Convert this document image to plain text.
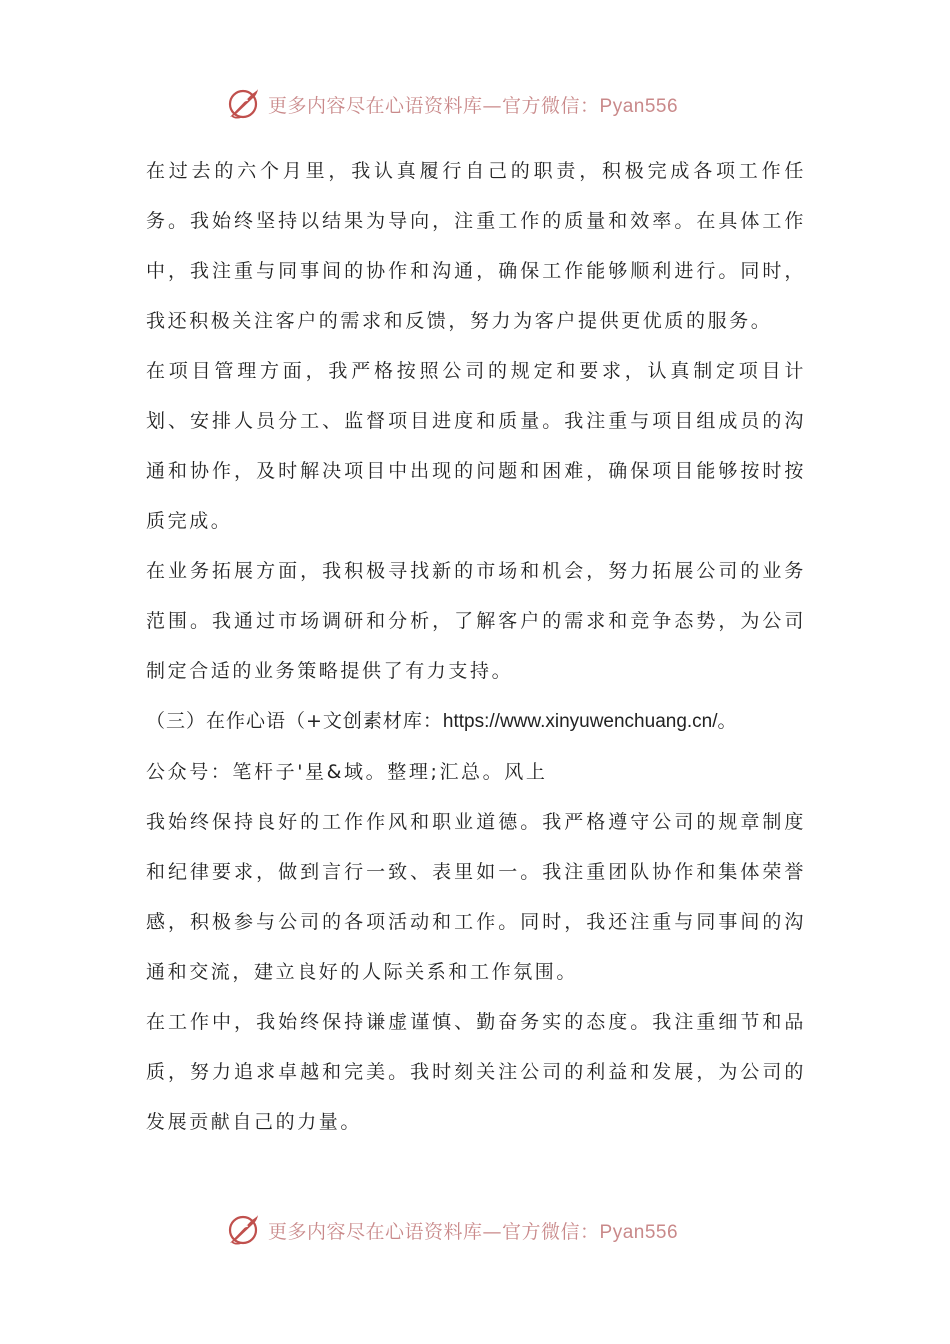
更多内容尽在心语资料库—官方微信：Pyan556

在过去的六个月里，我认真履行自己的职责，积极完成各项工作任务。我始终坚持以结果为导向，注重工作的质量和效率。在具体工作中，我注重与同事间的协作和沟通，确保工作能够顺利进行。同时，我还积极关注客户的需求和反馈，努力为客户提供更优质的服务。

在项目管理方面，我严格按照公司的规定和要求，认真制定项目计划、安排人员分工、监督项目进度和质量。我注重与项目组成员的沟通和协作，及时解决项目中出现的问题和困难，确保项目能够按时按质完成。

在业务拓展方面，我积极寻找新的市场和机会，努力拓展公司的业务范围。我通过市场调研和分析，了解客户的需求和竞争态势，为公司制定合适的业务策略提供了有力支持。

（三）在作心语（+文创素材库：https://www.xinyuwenchuang.cn/。

公众号：笔杆子'星&域。整理;汇总。风上

我始终保持良好的工作作风和职业道德。我严格遵守公司的规章制度和纪律要求，做到言行一致、表里如一。我注重团队协作和集体荣誉感，积极参与公司的各项活动和工作。同时，我还注重与同事间的沟通和交流，建立良好的人际关系和工作氛围。

在工作中，我始终保持谦虚谨慎、勤奋务实的态度。我注重细节和品质，努力追求卓越和完美。我时刻关注公司的利益和发展，为公司的发展贡献自己的力量。

更多内容尽在心语资料库—官方微信：Pyan556
